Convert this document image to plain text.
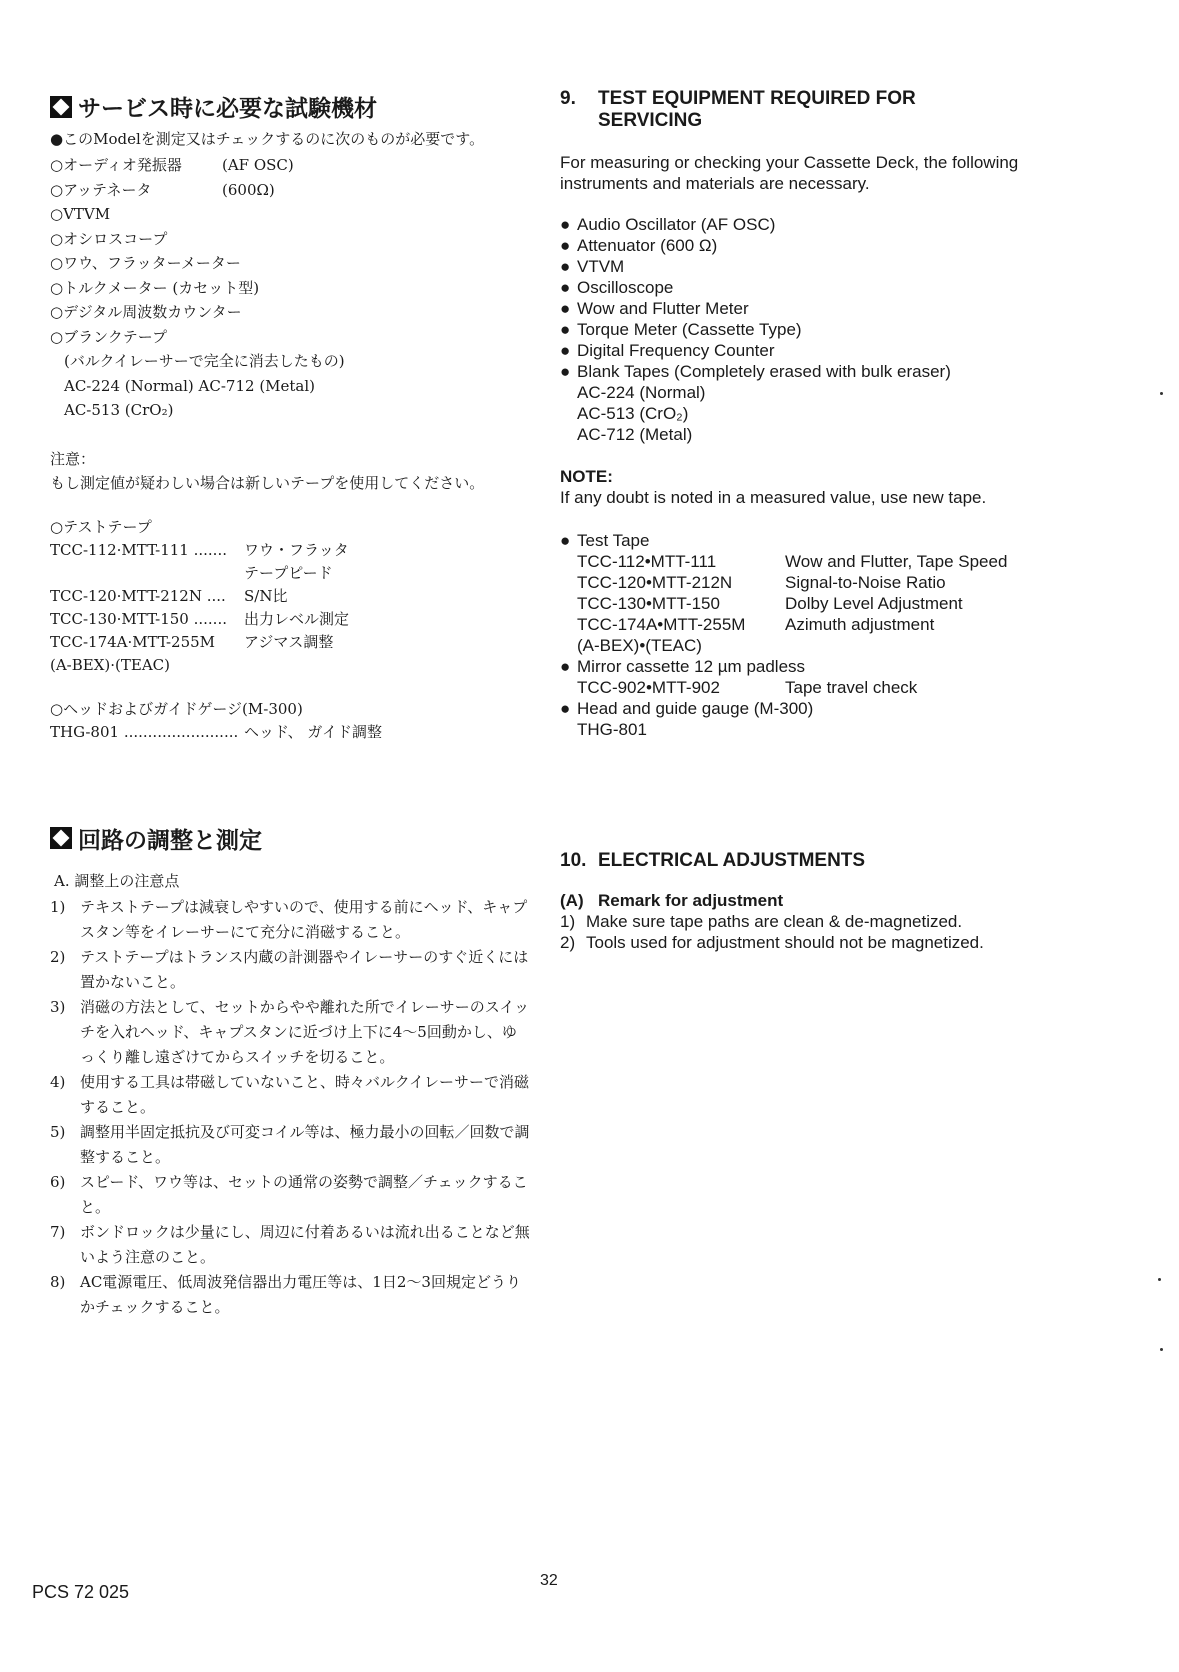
サービス時に必要な試験機材

●このModelを測定又はチェックするのに次のものが必要です。

○オーディオ発振器	(AF OSC)
○アッテネータ	(600Ω)
○VTVM
○オシロスコープ
○ワウ、フラッターメーター
○トルクメーター (カセット型)
○デジタル周波数カウンター
○ブランクテープ
(バルクイレーサーで完全に消去したもの)
AC-224 (Normal) AC-712 (Metal)
AC-513 (CrO₂)
注意：
もし測定値が疑わしい場合は新しいテープを使用してください。
○テストテープ
TCC-112·MTT-111 .......	ワウ・フラッタ
テープピード
TCC-120·MTT-212N ....	S/N比
TCC-130·MTT-150 .......	出力レベル測定
TCC-174A·MTT-255M	アジマス調整
(A-BEX)·(TEAC)
○ヘッドおよびガイドゲージ(M-300)
THG-801 ........................ ヘッド、 ガイド調整
回路の調整と測定
A. 調整上の注意点
1) テキストテープは減衰しやすいので、使用する前にヘッド、キャプスタン等をイレーサーにて充分に消磁すること。
2) テストテープはトランス内蔵の計測器やイレーサーのすぐ近くには置かないこと。
3) 消磁の方法として、セットからやや離れた所でイレーサーのスイッチを入れヘッド、キャプスタンに近づけ上下に4～5回動かし、ゆっくり離し遠ざけてからスイッチを切ること。
4) 使用する工具は帯磁していないこと、時々バルクイレーサーで消磁すること。
5) 調整用半固定抵抗及び可変コイル等は、極力最小の回転／回数で調整すること。
6) スピード、ワウ等は、セットの通常の姿勢で調整／チェックすること。
7) ボンドロックは少量にし、周辺に付着あるいは流れ出ることなど無いよう注意のこと。
8) AC電源電圧、低周波発信器出力電圧等は、1日2～3回規定どうりかチェックすること。
9. TEST EQUIPMENT REQUIRED FOR
SERVICING

For measuring or checking your Cassette Deck, the following instruments and materials are necessary.

● Audio Oscillator (AF OSC)
● Attenuator (600 Ω)
● VTVM
● Oscilloscope
● Wow and Flutter Meter
● Torque Meter (Cassette Type)
● Digital Frequency Counter
● Blank Tapes (Completely erased with bulk eraser)
AC-224 (Normal)
AC-513 (CrO₂)
AC-712 (Metal)
NOTE:
If any doubt is noted in a measured value, use new tape.
● Test Tape
TCC-112•MTT-111	Wow and Flutter, Tape Speed
TCC-120•MTT-212N	Signal-to-Noise Ratio
TCC-130•MTT-150	Dolby Level Adjustment
TCC-174A•MTT-255M	Azimuth adjustment
(A-BEX)•(TEAC)
● Mirror cassette 12 µm padless
TCC-902•MTT-902	Tape travel check
● Head and guide gauge (M-300)
THG-801
10. ELECTRICAL ADJUSTMENTS
(A) Remark for adjustment
1) Make sure tape paths are clean & de-magnetized.
2) Tools used for adjustment should not be magnetized.
32
PCS 72 025
